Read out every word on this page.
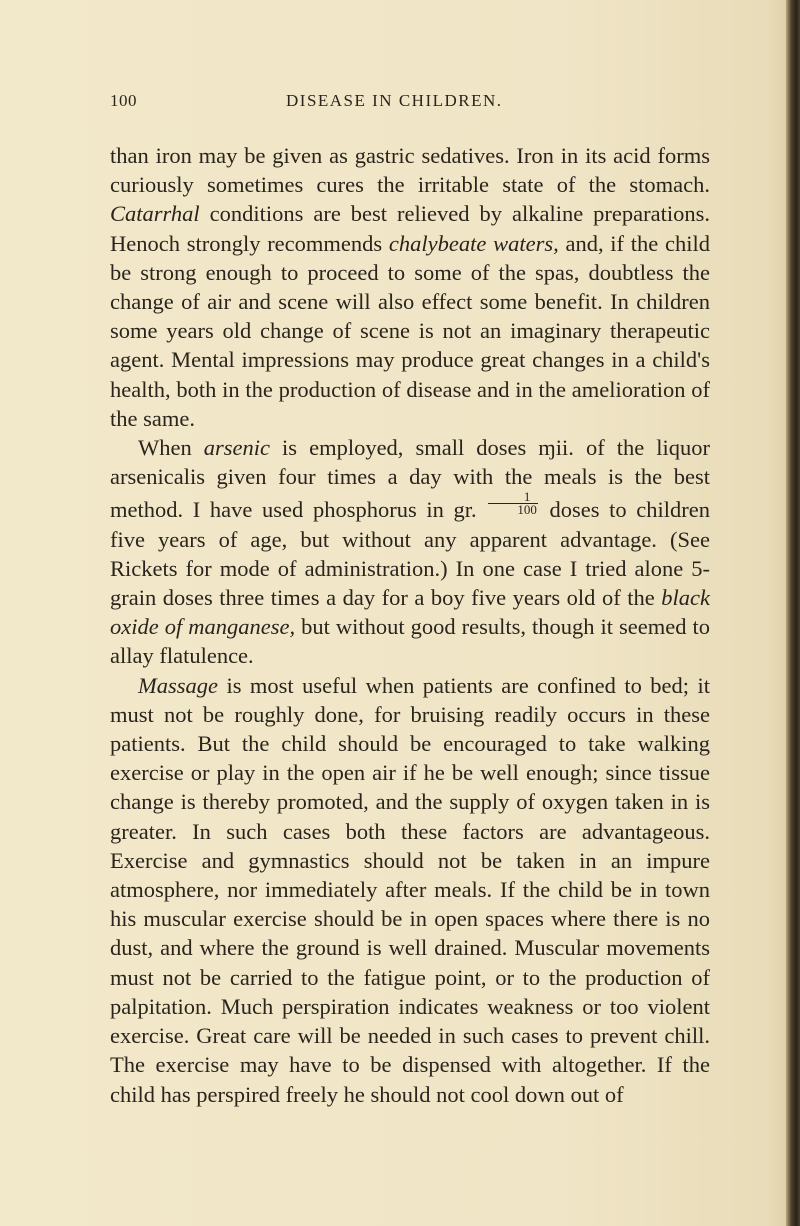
100	DISEASE IN CHILDREN.

than iron may be given as gastric sedatives. Iron in its acid forms curiously sometimes cures the irritable state of the stomach. Catarrhal conditions are best relieved by alkaline preparations. Henoch strongly recommends chalybeate waters, and, if the child be strong enough to proceed to some of the spas, doubtless the change of air and scene will also effect some benefit. In children some years old change of scene is not an imaginary therapeutic agent. Mental impressions may produce great changes in a child's health, both in the production of disease and in the amelioration of the same.

When arsenic is employed, small doses ɱii. of the liquor arsenicalis given four times a day with the meals is the best method. I have used phosphorus in gr. $\frac{1}{100}$ doses to children five years of age, but without any apparent advantage. (See Rickets for mode of administration.) In one case I tried alone 5-grain doses three times a day for a boy five years old of the black oxide of manganese, but without good results, though it seemed to allay flatulence.

Massage is most useful when patients are confined to bed; it must not be roughly done, for bruising readily occurs in these patients. But the child should be encouraged to take walking exercise or play in the open air if he be well enough; since tissue change is thereby promoted, and the supply of oxygen taken in is greater. In such cases both these factors are advantageous. Exercise and gymnastics should not be taken in an impure atmosphere, nor immediately after meals. If the child be in town his muscular exercise should be in open spaces where there is no dust, and where the ground is well drained. Muscular movements must not be carried to the fatigue point, or to the production of palpitation. Much perspiration indicates weakness or too violent exercise. Great care will be needed in such cases to prevent chill. The exercise may have to be dispensed with altogether. If the child has perspired freely he should not cool down out of
